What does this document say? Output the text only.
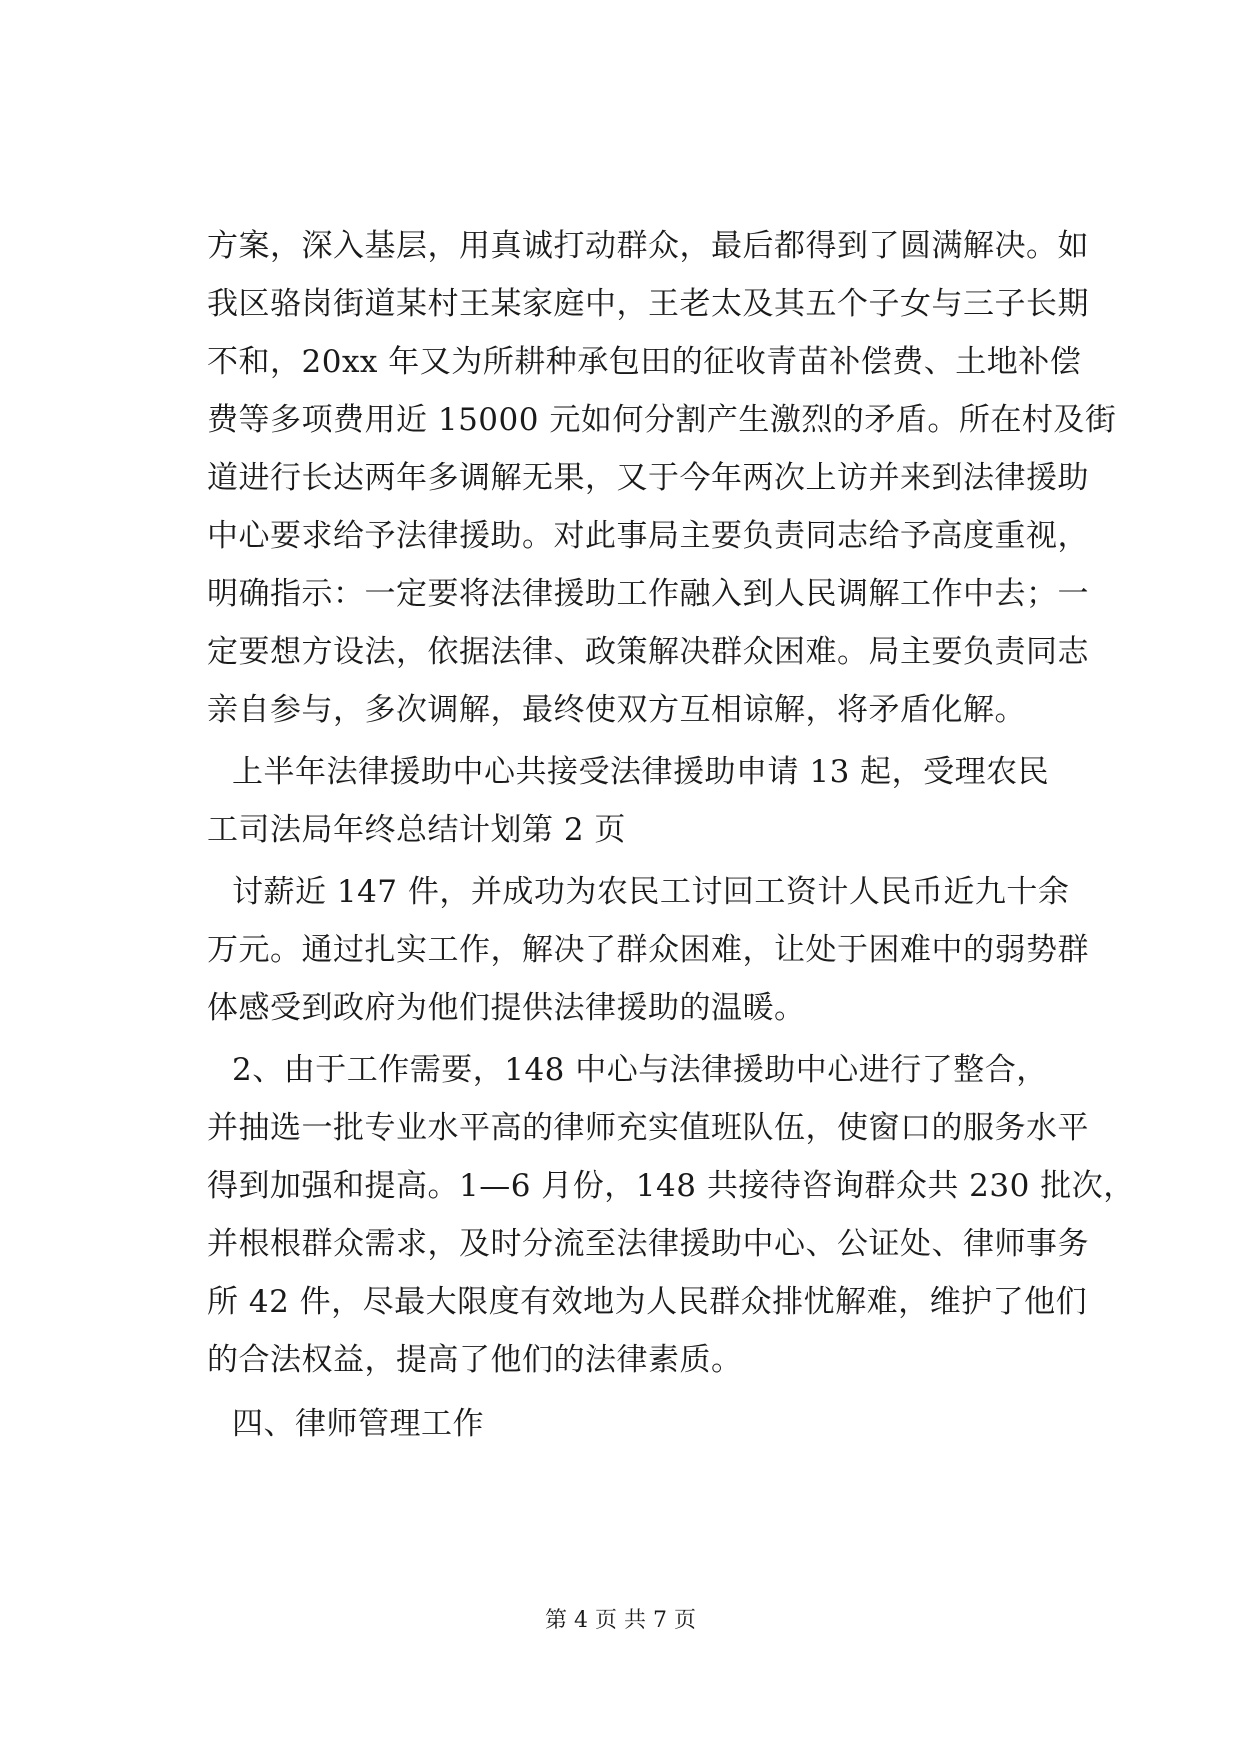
方案，深入基层，用真诚打动群众，最后都得到了圆满解决。如
我区骆岗街道某村王某家庭中，王老太及其五个子女与三子长期
不和，20xx 年又为所耕种承包田的征收青苗补偿费、土地补偿
费等多项费用近 15000 元如何分割产生激烈的矛盾。所在村及街
道进行长达两年多调解无果，又于今年两次上访并来到法律援助
中心要求给予法律援助。对此事局主要负责同志给予高度重视，
明确指示：一定要将法律援助工作融入到人民调解工作中去；一
定要想方设法，依据法律、政策解决群众困难。局主要负责同志
亲自参与，多次调解，最终使双方互相谅解，将矛盾化解。
上半年法律援助中心共接受法律援助申请 13 起，受理农民
工司法局年终总结计划第 2 页
讨薪近 147 件，并成功为农民工讨回工资计人民币近九十余
万元。通过扎实工作，解决了群众困难，让处于困难中的弱势群
体感受到政府为他们提供法律援助的温暖。
2、由于工作需要，148 中心与法律援助中心进行了整合，
并抽选一批专业水平高的律师充实值班队伍，使窗口的服务水平
得到加强和提高。1—6 月份，148 共接待咨询群众共 230 批次，
并根根群众需求，及时分流至法律援助中心、公证处、律师事务
所 42 件，尽最大限度有效地为人民群众排忧解难，维护了他们
的合法权益，提高了他们的法律素质。
四、律师管理工作
第 4 页 共 7 页
